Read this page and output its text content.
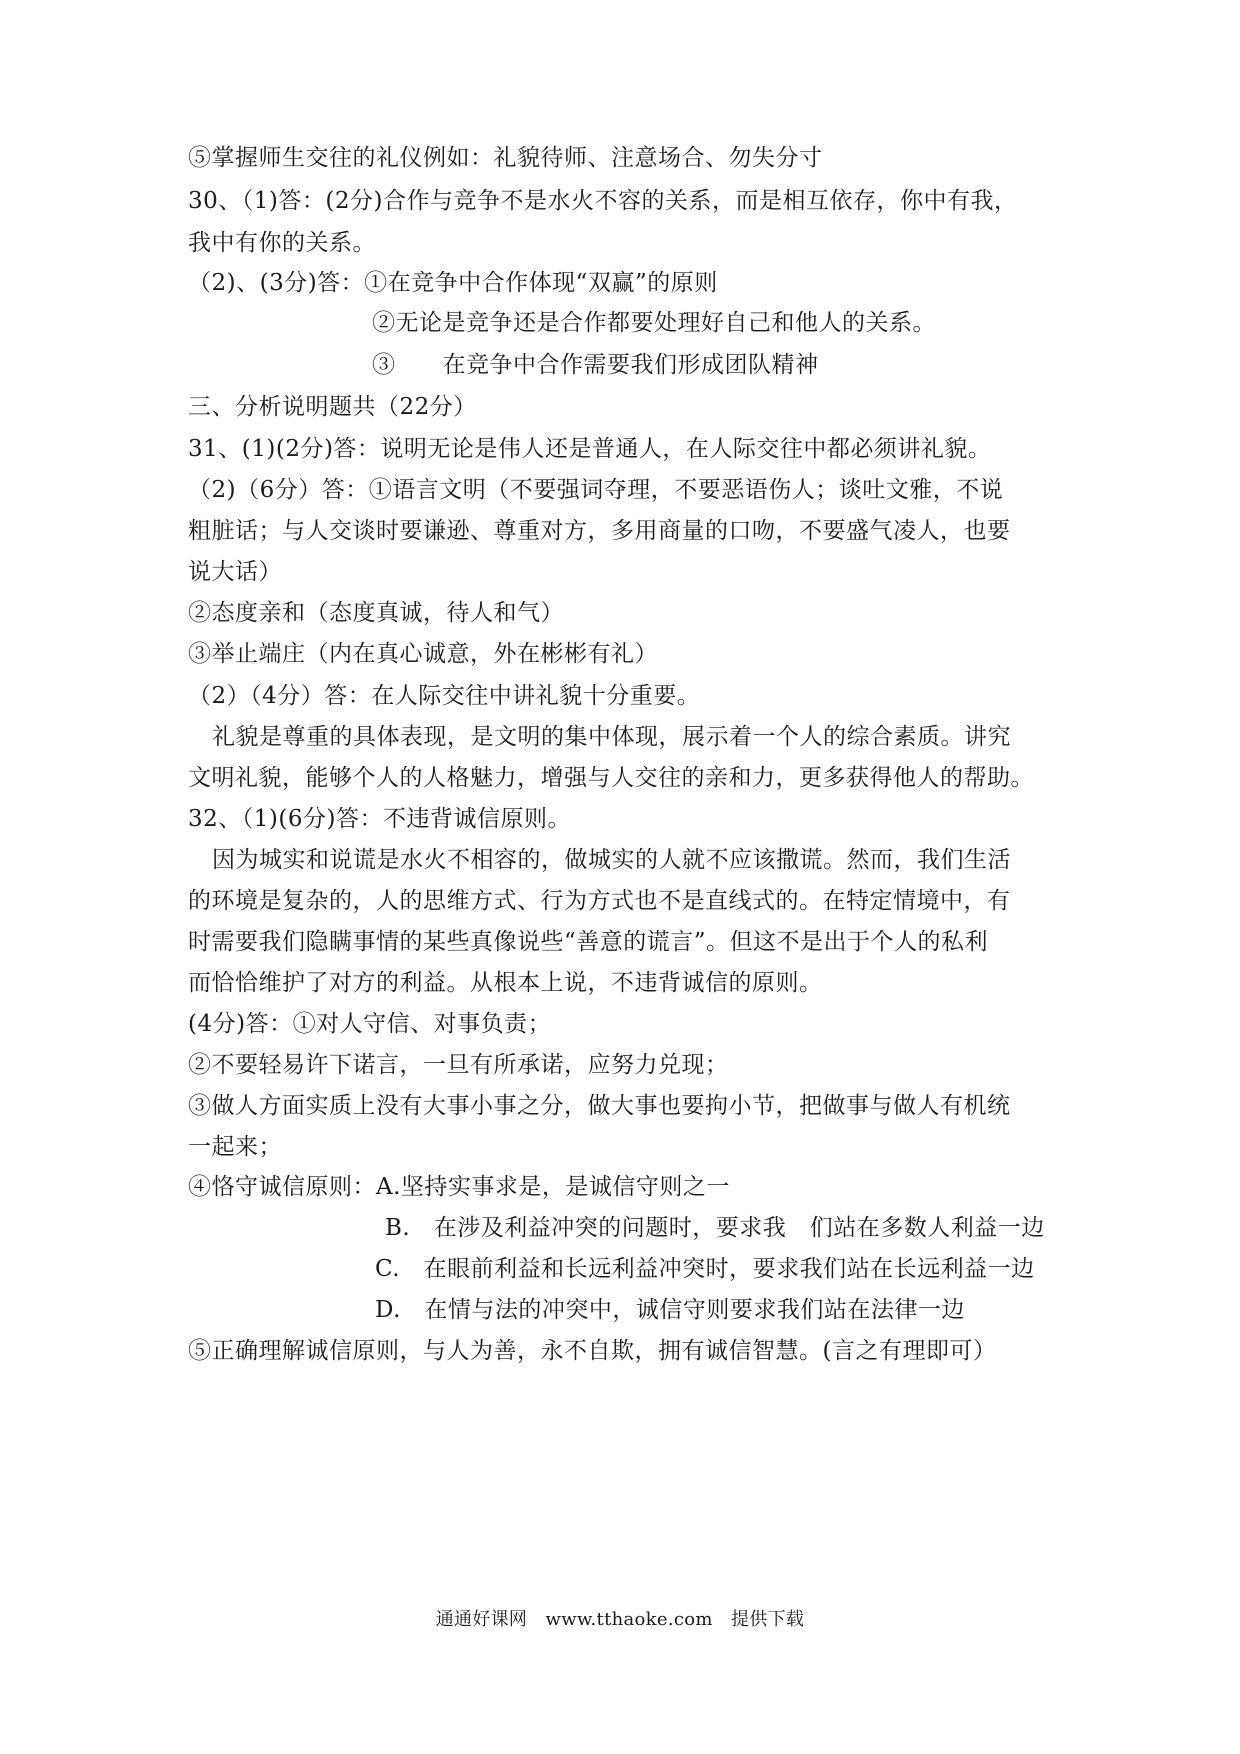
⑤掌握师生交往的礼仪例如：礼貌待师、注意场合、勿失分寸
30、（1)答：(2分)合作与竞争不是水火不容的关系，而是相互依存，你中有我，
我中有你的关系。
（2)、(3分)答：①在竞争中合作体现“双赢”的原则
②无论是竞争还是合作都要处理好自己和他人的关系。
③　　在竞争中合作需要我们形成团队精神
三、分析说明题共（22分）
31、(1)(2分)答：说明无论是伟人还是普通人，在人际交往中都必须讲礼貌。
（2)（6分）答：①语言文明（不要强词夺理，不要恶语伤人；谈吐文雅，不说
粗脏话；与人交谈时要谦逊、尊重对方，多用商量的口吻，不要盛气凌人，也要
说大话）
②态度亲和（态度真诚，待人和气）
③举止端庄（内在真心诚意，外在彬彬有礼）
（2）（4分）答：在人际交往中讲礼貌十分重要。
礼貌是尊重的具体表现，是文明的集中体现，展示着一个人的综合素质。讲究
文明礼貌，能够个人的人格魅力，增强与人交往的亲和力，更多获得他人的帮助。
32、（1)(6分)答：不违背诚信原则。
因为城实和说谎是水火不相容的，做城实的人就不应该撒谎。然而，我们生活
的环境是复杂的，人的思维方式、行为方式也不是直线式的。在特定情境中，有
时需要我们隐瞒事情的某些真像说些“善意的谎言”。但这不是出于个人的私利
而恰恰维护了对方的利益。从根本上说，不违背诚信的原则。
(4分)答：①对人守信、对事负责；
②不要轻易许下诺言，一旦有所承诺，应努力兑现；
③做人方面实质上没有大事小事之分，做大事也要拘小节，把做事与做人有机统
一起来；
④恪守诚信原则：A.坚持实事求是，是诚信守则之一
B.　在涉及利益冲突的问题时，要求我　们站在多数人利益一边
C.　在眼前利益和长远利益冲突时，要求我们站在长远利益一边
D.　在情与法的冲突中，诚信守则要求我们站在法律一边
⑤正确理解诚信原则，与人为善，永不自欺，拥有诚信智慧。(言之有理即可）
通通好课网　www.tthaoke.com　提供下载
